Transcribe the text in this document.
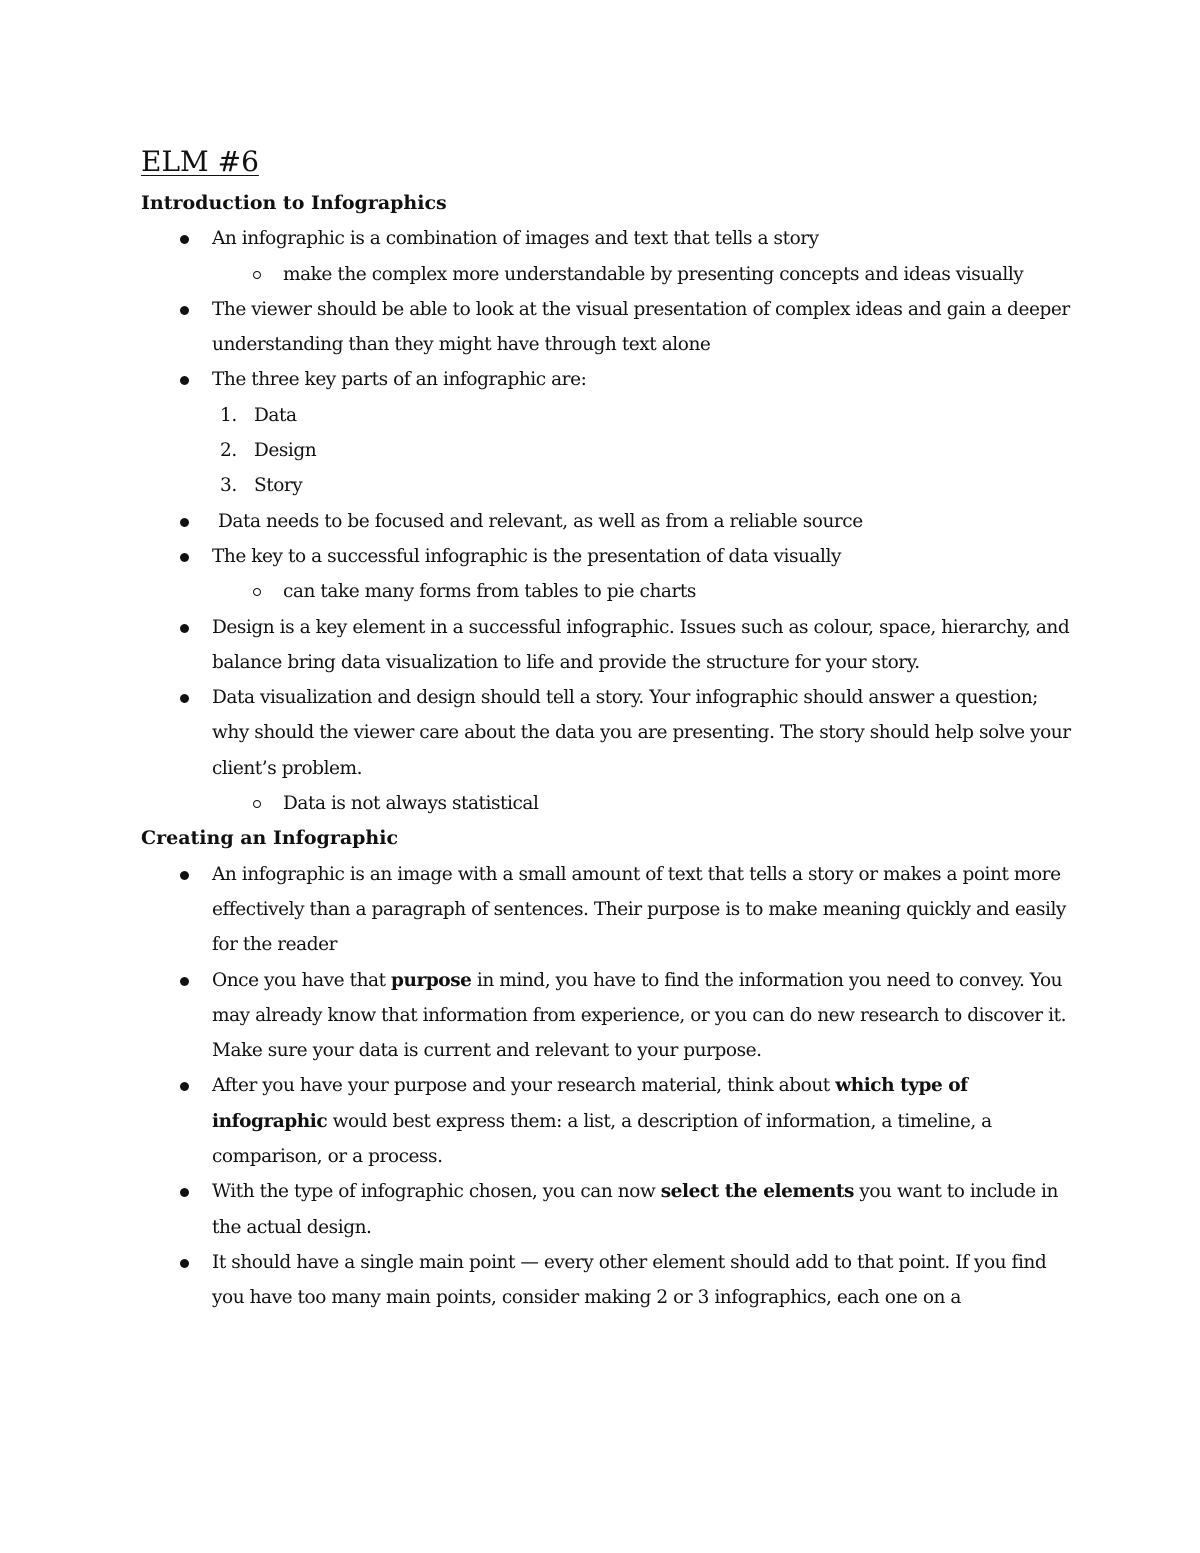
ELM #6
Introduction to Infographics
An infographic is a combination of images and text that tells a story
make the complex more understandable by presenting concepts and ideas visually
The viewer should be able to look at the visual presentation of complex ideas and gain a deeper understanding than they might have through text alone
The three key parts of an infographic are:
1. Data
2. Design
3. Story
Data needs to be focused and relevant, as well as from a reliable source
The key to a successful infographic is the presentation of data visually
can take many forms from tables to pie charts
Design is a key element in a successful infographic. Issues such as colour, space, hierarchy, and balance bring data visualization to life and provide the structure for your story.
Data visualization and design should tell a story. Your infographic should answer a question; why should the viewer care about the data you are presenting. The story should help solve your client’s problem.
Data is not always statistical
Creating an Infographic
An infographic is an image with a small amount of text that tells a story or makes a point more effectively than a paragraph of sentences. Their purpose is to make meaning quickly and easily for the reader
Once you have that purpose in mind, you have to find the information you need to convey. You may already know that information from experience, or you can do new research to discover it. Make sure your data is current and relevant to your purpose.
After you have your purpose and your research material, think about which type of infographic would best express them: a list, a description of information, a timeline, a comparison, or a process.
With the type of infographic chosen, you can now select the elements you want to include in the actual design.
It should have a single main point — every other element should add to that point. If you find you have too many main points, consider making 2 or 3 infographics, each one on a
